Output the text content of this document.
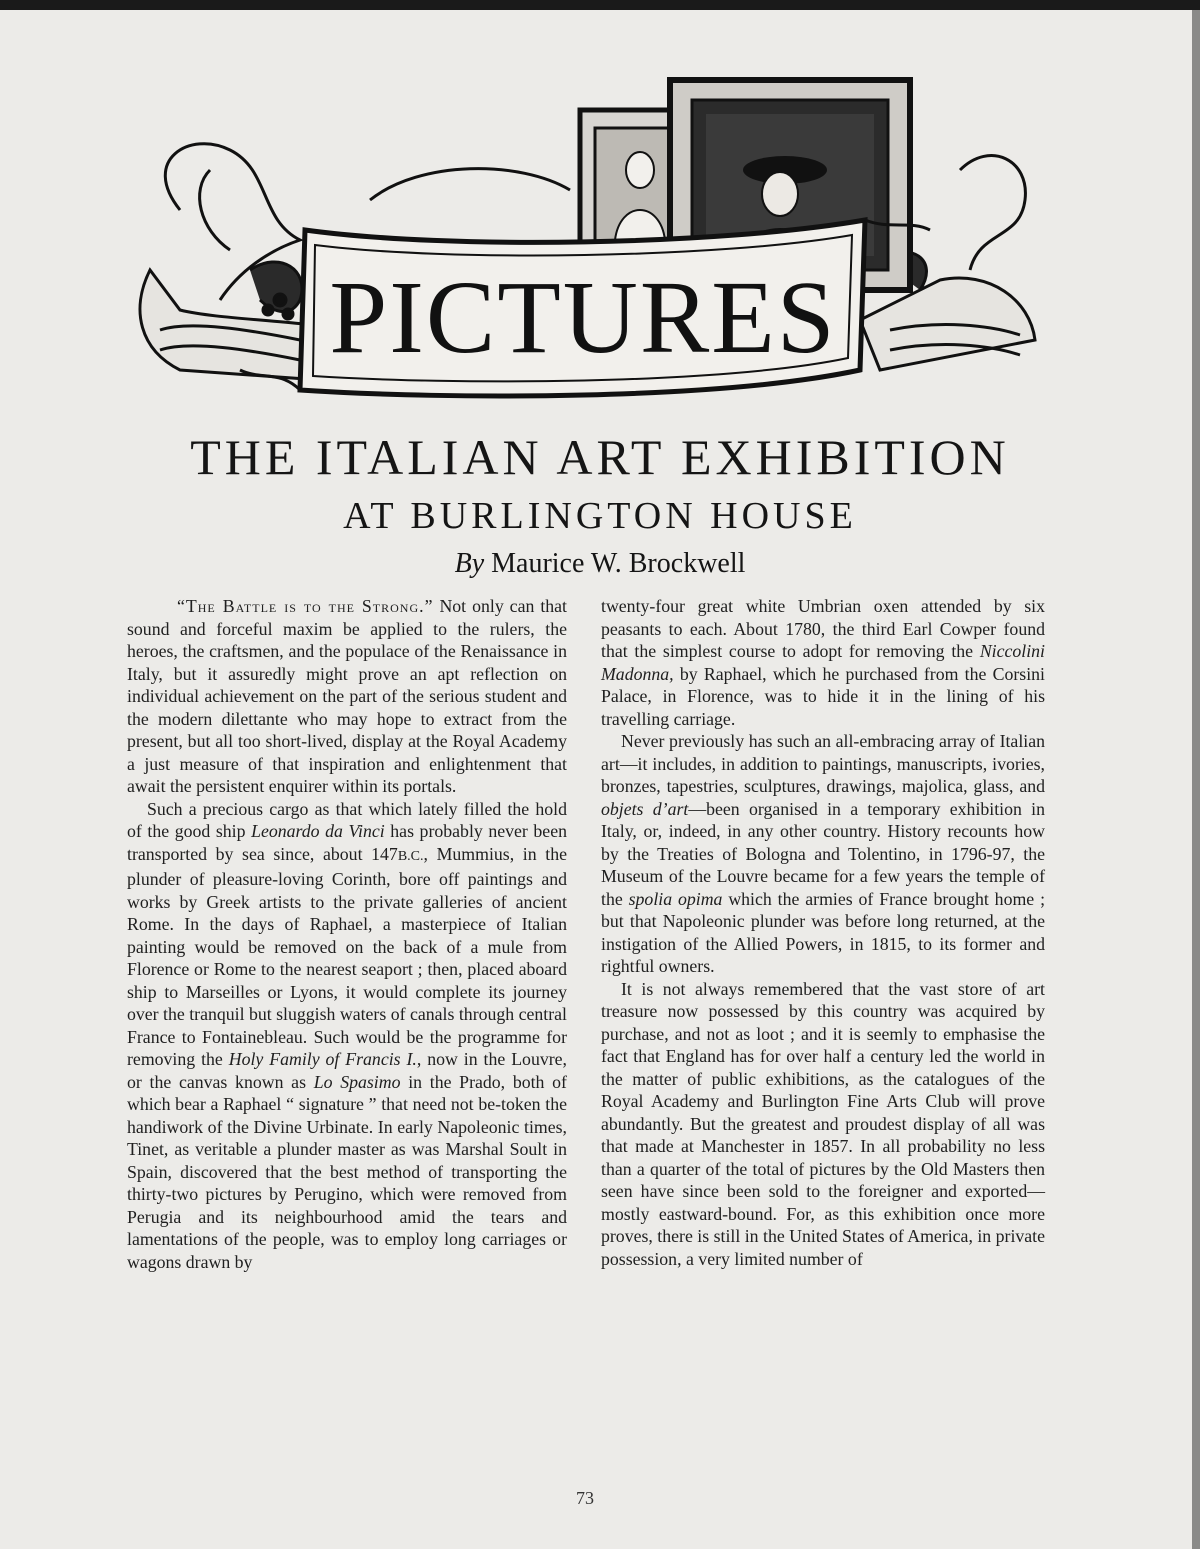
PICTURES
THE ITALIAN ART EXHIBITION
AT BURLINGTON HOUSE

By Maurice W. Brockwell

“The Battle is to the Strong.” Not only can that sound and forceful maxim be applied to the rulers, the heroes, the craftsmen, and the populace of the Renaissance in Italy, but it assuredly might prove an apt reflection on individual achievement on the part of the serious student and the modern dilettante who may hope to extract from the present, but all too short-lived, display at the Royal Academy a just measure of that inspiration and enlightenment that await the persistent enquirer within its portals.

Such a precious cargo as that which lately filled the hold of the good ship Leonardo da Vinci has probably never been transported by sea since, about 147B.C., Mummius, in the plunder of pleasure-loving Corinth, bore off paintings and works by Greek artists to the private galleries of ancient Rome. In the days of Raphael, a masterpiece of Italian painting would be removed on the back of a mule from Florence or Rome to the nearest seaport ; then, placed aboard ship to Marseilles or Lyons, it would complete its journey over the tranquil but sluggish waters of canals through central France to Fontainebleau. Such would be the programme for removing the Holy Family of Francis I., now in the Louvre, or the canvas known as Lo Spasimo in the Prado, both of which bear a Raphael “ signature ” that need not be-token the handiwork of the Divine Urbinate. In early Napoleonic times, Tinet, as veritable a plunder master as was Marshal Soult in Spain, discovered that the best method of transporting the thirty-two pictures by Perugino, which were removed from Perugia and its neighbourhood amid the tears and lamentations of the people, was to employ long carriages or wagons drawn by

twenty-four great white Umbrian oxen attended by six peasants to each. About 1780, the third Earl Cowper found that the simplest course to adopt for removing the Niccolini Madonna, by Raphael, which he purchased from the Corsini Palace, in Florence, was to hide it in the lining of his travelling carriage.

Never previously has such an all-embracing array of Italian art—it includes, in addition to paintings, manuscripts, ivories, bronzes, tapestries, sculptures, drawings, majolica, glass, and objets d’art—been organised in a temporary exhibition in Italy, or, indeed, in any other country. History recounts how by the Treaties of Bologna and Tolentino, in 1796-97, the Museum of the Louvre became for a few years the temple of the spolia opima which the armies of France brought home ; but that Napoleonic plunder was before long returned, at the instigation of the Allied Powers, in 1815, to its former and rightful owners.

It is not always remembered that the vast store of art treasure now possessed by this country was acquired by purchase, and not as loot ; and it is seemly to emphasise the fact that England has for over half a century led the world in the matter of public exhibitions, as the catalogues of the Royal Academy and Burlington Fine Arts Club will prove abundantly. But the greatest and proudest display of all was that made at Manchester in 1857. In all probability no less than a quarter of the total of pictures by the Old Masters then seen have since been sold to the foreigner and exported—mostly eastward-bound. For, as this exhibition once more proves, there is still in the United States of America, in private possession, a very limited number of

73
